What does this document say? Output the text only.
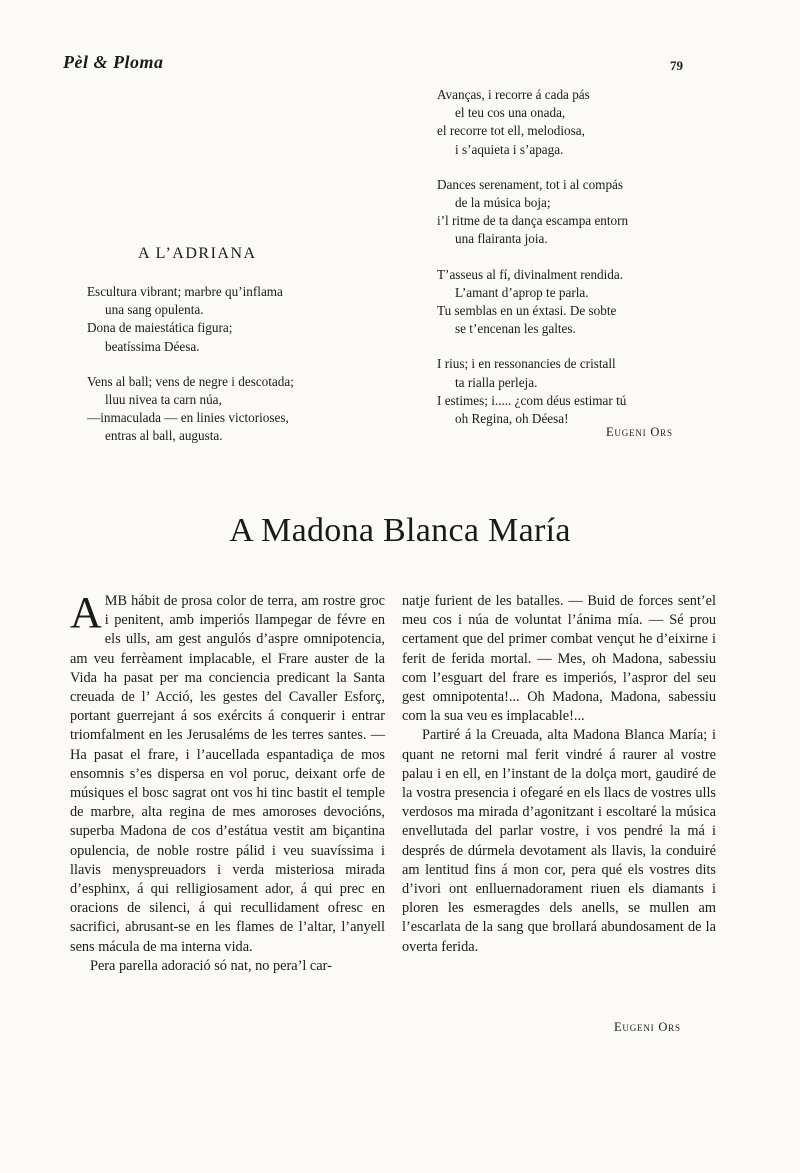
Pèl & Ploma	79
A L’ADRIANA
Escultura vibrant; marbre qu’inflama
una sang opulenta.
Dona de maiestática figura;
beatíssima Déesa.
Vens al ball; vens de negre i descotada;
lluu nivea ta carn núa,
—inmaculada — en linies victorioses,
entras al ball, augusta.
Avanças, i recorre á cada pás
el teu cos una onada,
el recorre tot ell, melodiosa,
i s’aquieta i s’apaga.
Dances serenament, tot i al compás
de la música boja;
i’l ritme de ta dança escampa entorn
una flairanta joia.
T’asseus al fí, divinalment rendida.
L’amant d’aprop te parla.
Tu semblas en un éxtasi. De sobte
se t’encenan les galtes.
I rius; i en ressonancies de cristall
ta rialla perleja.
I estimes; i..... ¿com déus estimar tú
oh Regina, oh Déesa!
Eugeni Ors
A Madona Blanca María

AMB hábit de prosa color de terra, am rostre groc i penitent, amb imperiós llampegar de févre en els ulls, am gest angulós d’aspre omnipotencia, am veu ferrèament implacable, el Frare auster de la Vida ha pasat per ma conciencia predicant la Santa creuada de l’ Acció, les gestes del Cavaller Esforç, portant guerrejant á sos exércits á conquerir i entrar triomfalment en les Jerusaléms de les terres santes. — Ha pasat el frare, i l’aucellada espantadiça de mos ensomnis s’es dispersa en vol poruc, deixant orfe de músiques el bosc sagrat ont vos hi tinc bastit el temple de marbre, alta regina de mes amoroses devocións, superba Madona de cos d’estátua vestit am biçantina opulencia, de noble rostre pálid i veu suavíssima i llavis menyspreuadors i verda misteriosa mirada d’esphinx, á qui relligiosament ador, á qui prec en oracions de silenci, á qui recullidament ofresc en sacrifici, abrusant-se en les flames de l’altar, l’anyell sens mácula de ma interna vida.

Pera parella adoració só nat, no pera’l car-

natje furient de les batalles. — Buid de forces sent’el meu cos i núa de voluntat l’ánima mía. — Sé prou certament que del primer combat vençut he d’eixirne i ferit de ferida mortal. — Mes, oh Madona, sabessiu com l’esguart del frare es imperiós, l’aspror del seu gest omnipotenta!... Oh Madona, Madona, sabessiu com la sua veu es implacable!...

Partiré á la Creuada, alta Madona Blanca María; i quant ne retorni mal ferit vindré á raurer al vostre palau i en ell, en l’instant de la dolça mort, gaudiré de la vostra presencia i ofegaré en els llacs de vostres ulls verdosos ma mirada d’agonitzant i escoltaré la música envellutada del parlar vostre, i vos pendré la má i després de dúrmela devotament als llavis, la conduiré am lentitud fins á mon cor, pera qué els vostres dits d’ivori ont enlluernadorament riuen els diamants i ploren les esmeragdes dels anells, se mullen am l’escarlata de la sang que brollará abundosament de la overta ferida.

Eugeni Ors
